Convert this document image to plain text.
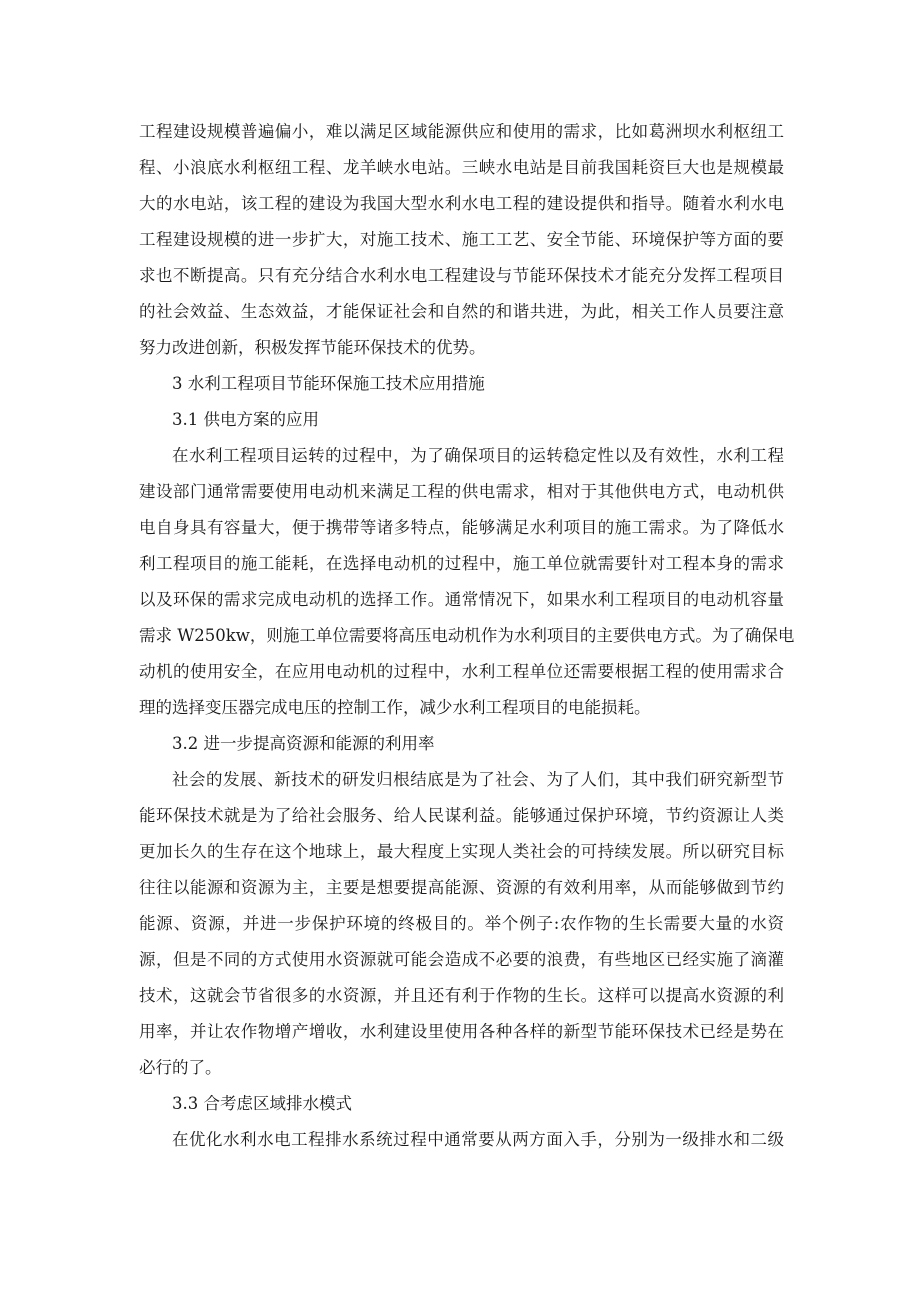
工程建设规模普遍偏小，难以满足区域能源供应和使用的需求，比如葛洲坝水利枢纽工
程、小浪底水利枢纽工程、龙羊峡水电站。三峡水电站是目前我国耗资巨大也是规模最
大的水电站，该工程的建设为我国大型水利水电工程的建设提供和指导。随着水利水电
工程建设规模的进一步扩大，对施工技术、施工工艺、安全节能、环境保护等方面的要
求也不断提高。只有充分结合水利水电工程建设与节能环保技术才能充分发挥工程项目
的社会效益、生态效益，才能保证社会和自然的和谐共进，为此，相关工作人员要注意
努力改进创新，积极发挥节能环保技术的优势。
3 水利工程项目节能环保施工技术应用措施
3.1 供电方案的应用
在水利工程项目运转的过程中，为了确保项目的运转稳定性以及有效性，水利工程
建设部门通常需要使用电动机来满足工程的供电需求，相对于其他供电方式，电动机供
电自身具有容量大，便于携带等诸多特点，能够满足水利项目的施工需求。为了降低水
利工程项目的施工能耗，在选择电动机的过程中，施工单位就需要针对工程本身的需求
以及环保的需求完成电动机的选择工作。通常情况下，如果水利工程项目的电动机容量
需求 W250kw，则施工单位需要将高压电动机作为水利项目的主要供电方式。为了确保电
动机的使用安全，在应用电动机的过程中，水利工程单位还需要根据工程的使用需求合
理的选择变压器完成电压的控制工作，减少水利工程项目的电能损耗。
3.2 进一步提高资源和能源的利用率
社会的发展、新技术的研发归根结底是为了社会、为了人们，其中我们研究新型节
能环保技术就是为了给社会服务、给人民谋利益。能够通过保护环境，节约资源让人类
更加长久的生存在这个地球上，最大程度上实现人类社会的可持续发展。所以研究目标
往往以能源和资源为主，主要是想要提高能源、资源的有效利用率，从而能够做到节约
能源、资源，并进一步保护环境的终极目的。举个例子:农作物的生长需要大量的水资
源，但是不同的方式使用水资源就可能会造成不必要的浪费，有些地区已经实施了滴灌
技术，这就会节省很多的水资源，并且还有利于作物的生长。这样可以提高水资源的利
用率，并让农作物增产增收，水利建设里使用各种各样的新型节能环保技术已经是势在
必行的了。
3.3 合考虑区域排水模式
在优化水利水电工程排水系统过程中通常要从两方面入手，分别为一级排水和二级
